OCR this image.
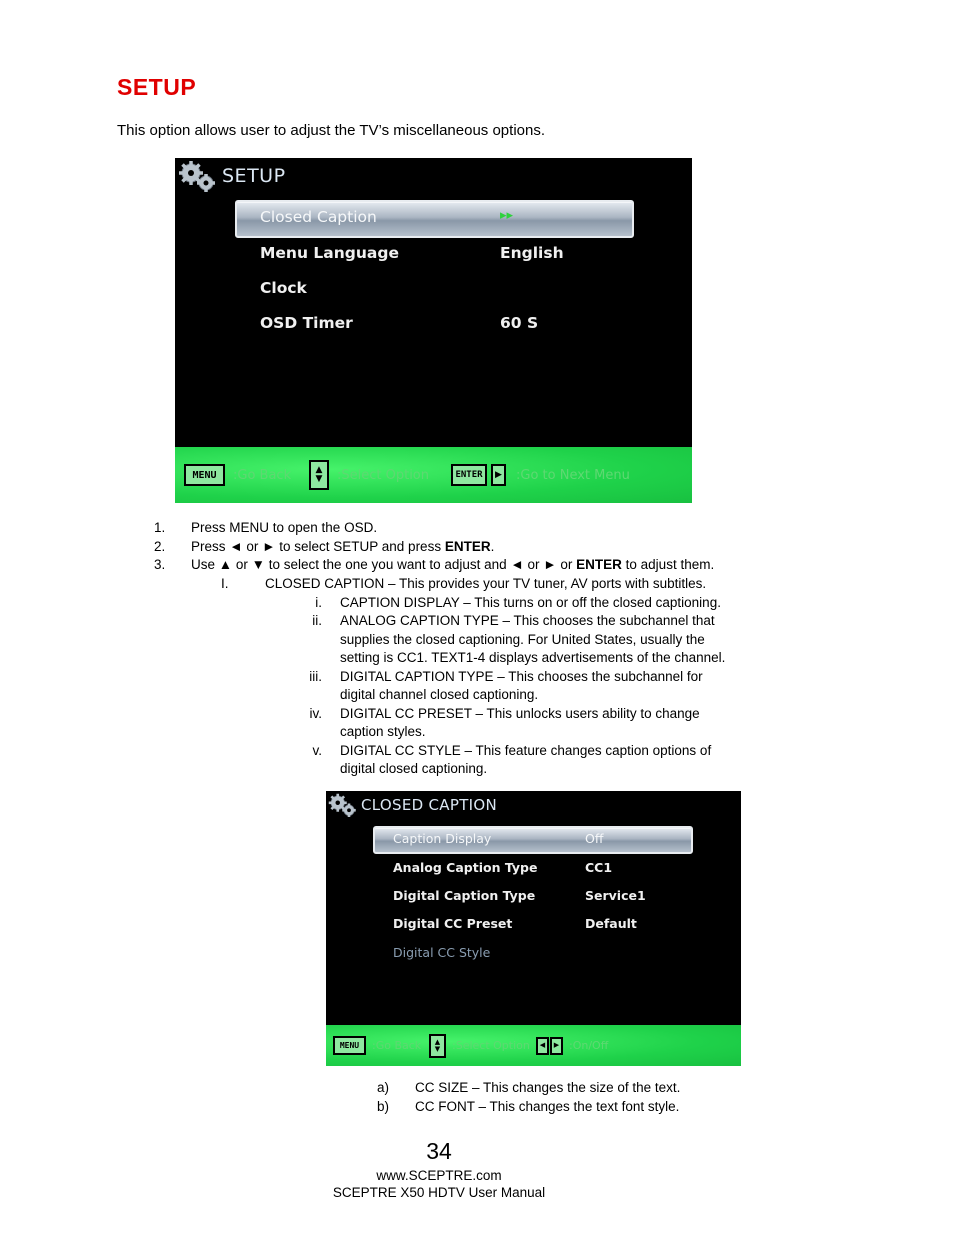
SETUP
This option allows user to adjust the TV’s miscellaneous options.
SETUP
Closed Caption	▸▸
Menu Language	English
Clock
OSD Timer	60 S
MENU	:Go Back	▲
▼	:Select Option	ENTER	▶	:Go to Next Menu
1. Press MENU to open the OSD.
2. Press ◄ or ► to select SETUP and press ENTER.
3. Use ▲ or ▼ to select the one you want to adjust and ◄ or ► or ENTER to adjust them.
I.	CLOSED CAPTION – This provides your TV tuner, AV ports with subtitles.
i. CAPTION DISPLAY – This turns on or off the closed captioning.
ii. ANALOG CAPTION TYPE – This chooses the subchannel that
supplies the closed captioning. For United States, usually the
setting is CC1. TEXT1-4 displays advertisements of the channel.
iii. DIGITAL CAPTION TYPE – This chooses the subchannel for
digital channel closed captioning.
iv. DIGITAL CC PRESET – This unlocks users ability to change
caption styles.
v. DIGITAL CC STYLE – This feature changes caption options of
digital closed captioning.
CLOSED CAPTION
Caption Display	Off
Analog Caption Type	CC1
Digital Caption Type	Service1
Digital CC Preset	Default
Digital CC Style
MENU	:Go Back	▲
▼	:Select Option	◀	▶ :On/Off
a) CC SIZE – This changes the size of the text.
b) CC FONT – This changes the text font style.
34
www.SCEPTRE.com
SCEPTRE X50 HDTV User Manual
